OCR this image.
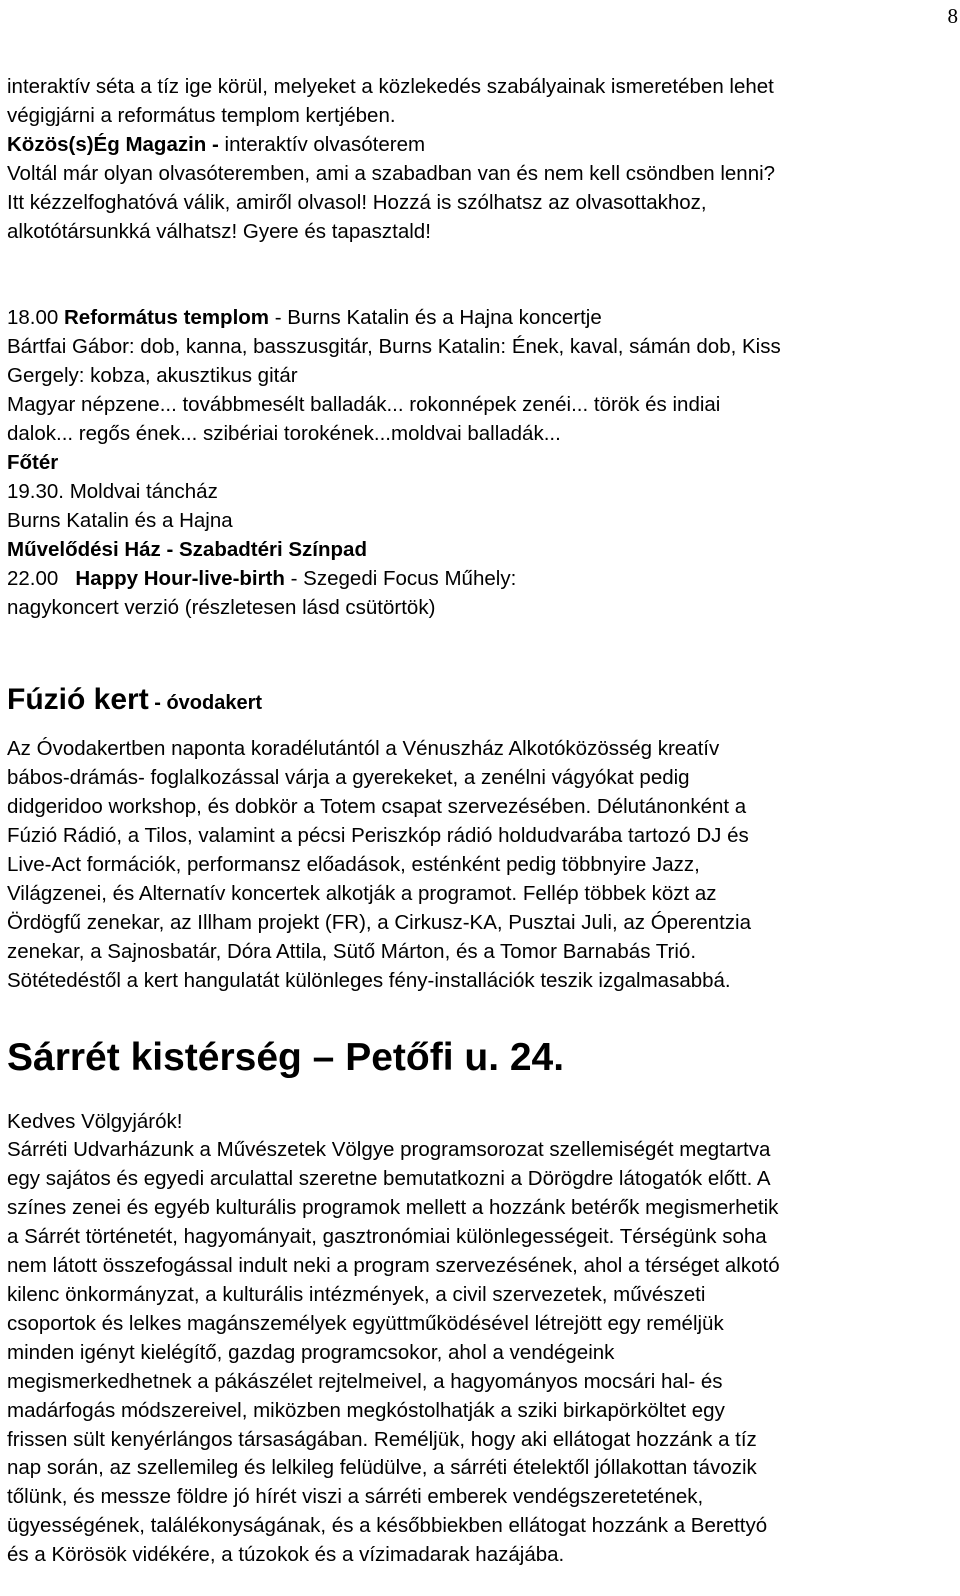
8

interaktív séta a tíz ige körül, melyeket a közlekedés szabályainak ismeretében lehet

végigjárni a református templom kertjében.

Közös(s)Ég Magazin - interaktív olvasóterem

Voltál már olyan olvasóteremben, ami a szabadban van és nem kell csöndben lenni?

Itt kézzelfoghatóvá válik, amiről olvasol! Hozzá is szólhatsz az olvasottakhoz,

alkotótársunkká válhatsz! Gyere és tapasztald!

18.00 Református templom - Burns Katalin és a Hajna koncertje

Bártfai Gábor: dob, kanna, basszusgitár, Burns Katalin: Ének, kaval, sámán dob, Kiss

Gergely: kobza, akusztikus gitár

Magyar népzene... továbbmesélt balladák... rokonnépek zenéi... török és indiai

dalok... regős ének... szibériai torokének...moldvai balladák...

Főtér

19.30. Moldvai táncház

Burns Katalin és a Hajna

Művelődési Ház - Szabadtéri Színpad

22.00   Happy Hour-live-birth - Szegedi Focus Műhely:

nagykoncert verzió (részletesen lásd csütörtök)

Fúzió kert - óvodakert

Az Óvodakertben naponta koradélutántól a Vénuszház Alkotóközösség kreatív

bábos-drámás- foglalkozással várja a gyerekeket, a zenélni vágyókat pedig

didgeridoo workshop, és dobkör a Totem csapat szervezésében. Délutánonként a

Fúzió Rádió, a Tilos, valamint a pécsi Periszkóp rádió holdudvarába tartozó DJ és

Live-Act formációk, performansz előadások, esténként pedig többnyire Jazz,

Világzenei, és Alternatív koncertek alkotják a programot. Fellép többek közt az

Ördögfű zenekar, az Illham projekt (FR), a Cirkusz-KA, Pusztai Juli, az Óperentzia

zenekar, a Sajnosbatár, Dóra Attila, Sütő Márton, és a Tomor Barnabás Trió.

Sötétedéstől a kert hangulatát különleges fény-installációk teszik izgalmasabbá.

Sárrét kistérség – Petőfi u. 24.

Kedves Völgyjárók!

Sárréti Udvarházunk a Művészetek Völgye programsorozat szellemiségét megtartva

egy sajátos és egyedi arculattal szeretne bemutatkozni a Dörögdre látogatók előtt. A

színes zenei és egyéb kulturális programok mellett a hozzánk betérők megismerhetik

a Sárrét történetét, hagyományait, gasztronómiai különlegességeit. Térségünk soha

nem látott összefogással indult neki a program szervezésének, ahol a térséget alkotó

kilenc önkormányzat, a kulturális intézmények, a civil szervezetek, művészeti

csoportok és lelkes magánszemélyek együttműködésével létrejött egy reméljük

minden igényt kielégítő, gazdag programcsokor, ahol a vendégeink

megismerkedhetnek a pákászélet rejtelmeivel, a hagyományos mocsári hal- és

madárfogás módszereivel, miközben megkóstolhatják a sziki birkapörköltet egy

frissen sült kenyérlángos társaságában. Reméljük, hogy aki ellátogat hozzánk a tíz

nap során, az szellemileg és lelkileg felüdülve, a sárréti ételektől jóllakottan távozik

tőlünk, és messze földre jó hírét viszi a sárréti emberek vendégszeretetének,

ügyességének, találékonyságának, és a későbbiekben ellátogat hozzánk a Berettyó

és a Körösök vidékére, a túzokok és a vízimadarak hazájába.
